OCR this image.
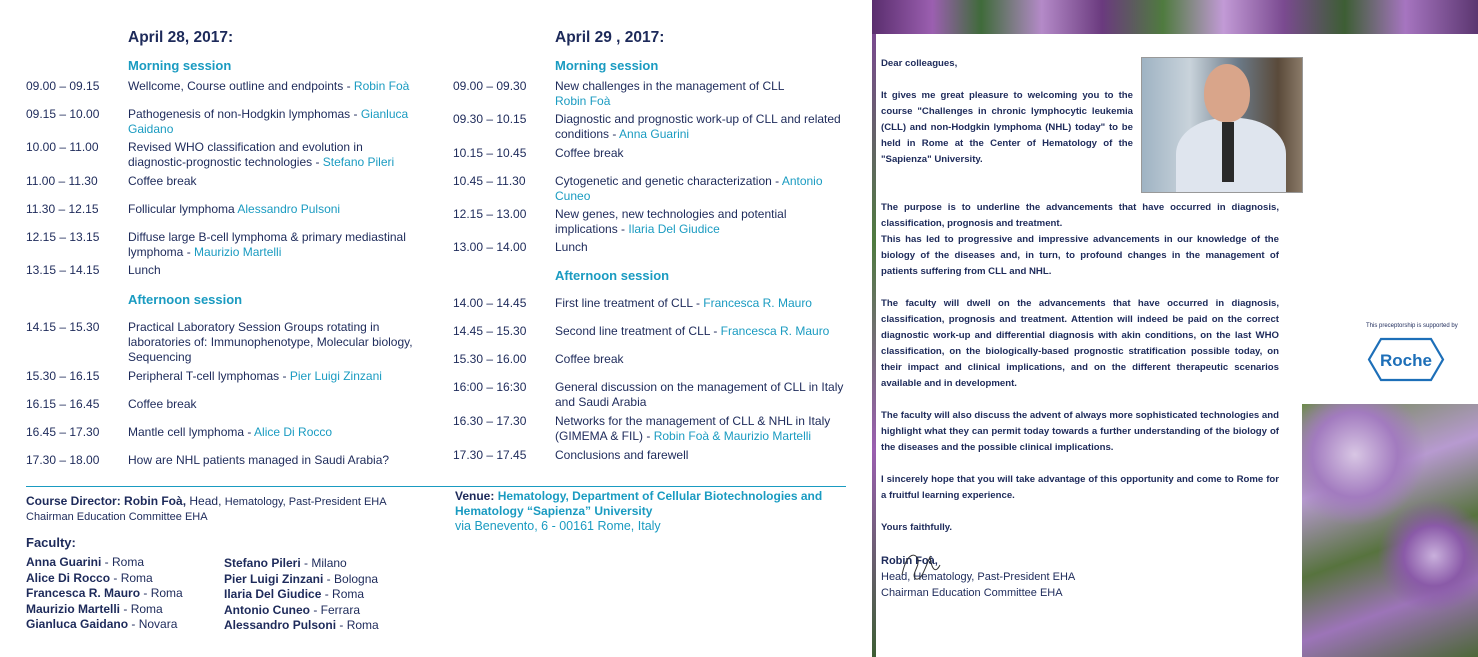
April 28, 2017:
Morning session
09.00 – 09.15 Wellcome, Course outline and endpoints - Robin Foà
09.15 – 10.00 Pathogenesis of non-Hodgkin lymphomas - Gianluca Gaidano
10.00 – 11.00 Revised WHO classification and evolution in diagnostic-prognostic technologies - Stefano Pileri
11.00 – 11.30	Coffee break
11.30 – 12.15 Follicular lymphoma Alessandro Pulsoni
12.15 – 13.15 Diffuse large B-cell lymphoma & primary mediastinal lymphoma - Maurizio Martelli
13.15 – 14.15 Lunch
Afternoon session
14.15 – 15.30 Practical Laboratory Session Groups rotating in laboratories of: Immunophenotype, Molecular biology, Sequencing
15.30 – 16.15 Peripheral T-cell lymphomas - Pier Luigi Zinzani
16.15 – 16.45 Coffee break
16.45 – 17.30 Mantle cell lymphoma - Alice Di Rocco
17.30 – 18.00 How are NHL patients managed in Saudi Arabia?
April 29 , 2017:
Morning session
09.00 – 09.30 New challenges in the management of CLL
Robin Foà
09.30 – 10.15 Diagnostic and prognostic work-up of CLL and related conditions - Anna Guarini
10.15 – 10.45 Coffee break
10.45 – 11.30 Cytogenetic and genetic characterization - Antonio Cuneo
12.15 – 13.00 New genes, new technologies and potential implications - Ilaria Del Giudice
13.00 – 14.00 Lunch
Afternoon session
14.00 – 14.45 First line treatment of CLL - Francesca R. Mauro
14.45 – 15.30 Second line treatment of CLL - Francesca R. Mauro
15.30 – 16.00 Coffee break
16:00 – 16:30 General discussion on the management of CLL in Italy and Saudi Arabia
16.30 – 17.30 Networks for the management of CLL & NHL in Italy (GIMEMA & FIL) - Robin Foà & Maurizio Martelli
17.30 – 17.45 Conclusions and farewell
Course Director: Robin Foà, Head, Hematology, Past-President EHA
Chairman Education Committee EHA
Venue: Hematology, Department of Cellular Biotechnologies and Hematology “Sapienza” University
via Benevento, 6 - 00161 Rome, Italy
Faculty:
Anna Guarini - Roma
Alice Di Rocco - Roma
Francesca R. Mauro - Roma
Maurizio Martelli - Roma
Gianluca Gaidano - Novara
Stefano Pileri - Milano
Pier Luigi Zinzani - Bologna
Ilaria Del Giudice - Roma
Antonio Cuneo - Ferrara
Alessandro Pulsoni - Roma

Dear colleagues,

It gives me great pleasure to welcoming you to the course "Challenges in chronic lymphocytic leukemia (CLL) and non-Hodgkin lymphoma (NHL) today" to be held in Rome at the Center of Hematology of the "Sapienza" University.

The purpose is to underline the advancements that have occurred in diagnosis, classification, prognosis and treatment.

This has led to progressive and impressive advancements in our knowledge of the biology of the diseases and, in turn, to profound changes in the management of patients suffering from CLL and NHL.

The faculty will dwell on the advancements that have occurred in diagnosis, classification, prognosis and treatment. Attention will indeed be paid on the correct diagnostic work-up and differential diagnosis with akin conditions, on the last WHO classification, on the biologically-based prognostic stratification possible today, on their impact and clinical implications, and on the different therapeutic scenarios available and in development.

The faculty will also discuss the advent of always more sophisticated technologies and highlight what they can permit today towards a further understanding of the biology of the diseases and the possible clinical implications.

I sincerely hope that you will take advantage of this opportunity and come to Rome for a fruitful learning experience.

Yours faithfully.

Robin Foà,
Head, Hematology, Past-President EHA
Chairman Education Committee EHA
This preceptorship is supported by
Roche
